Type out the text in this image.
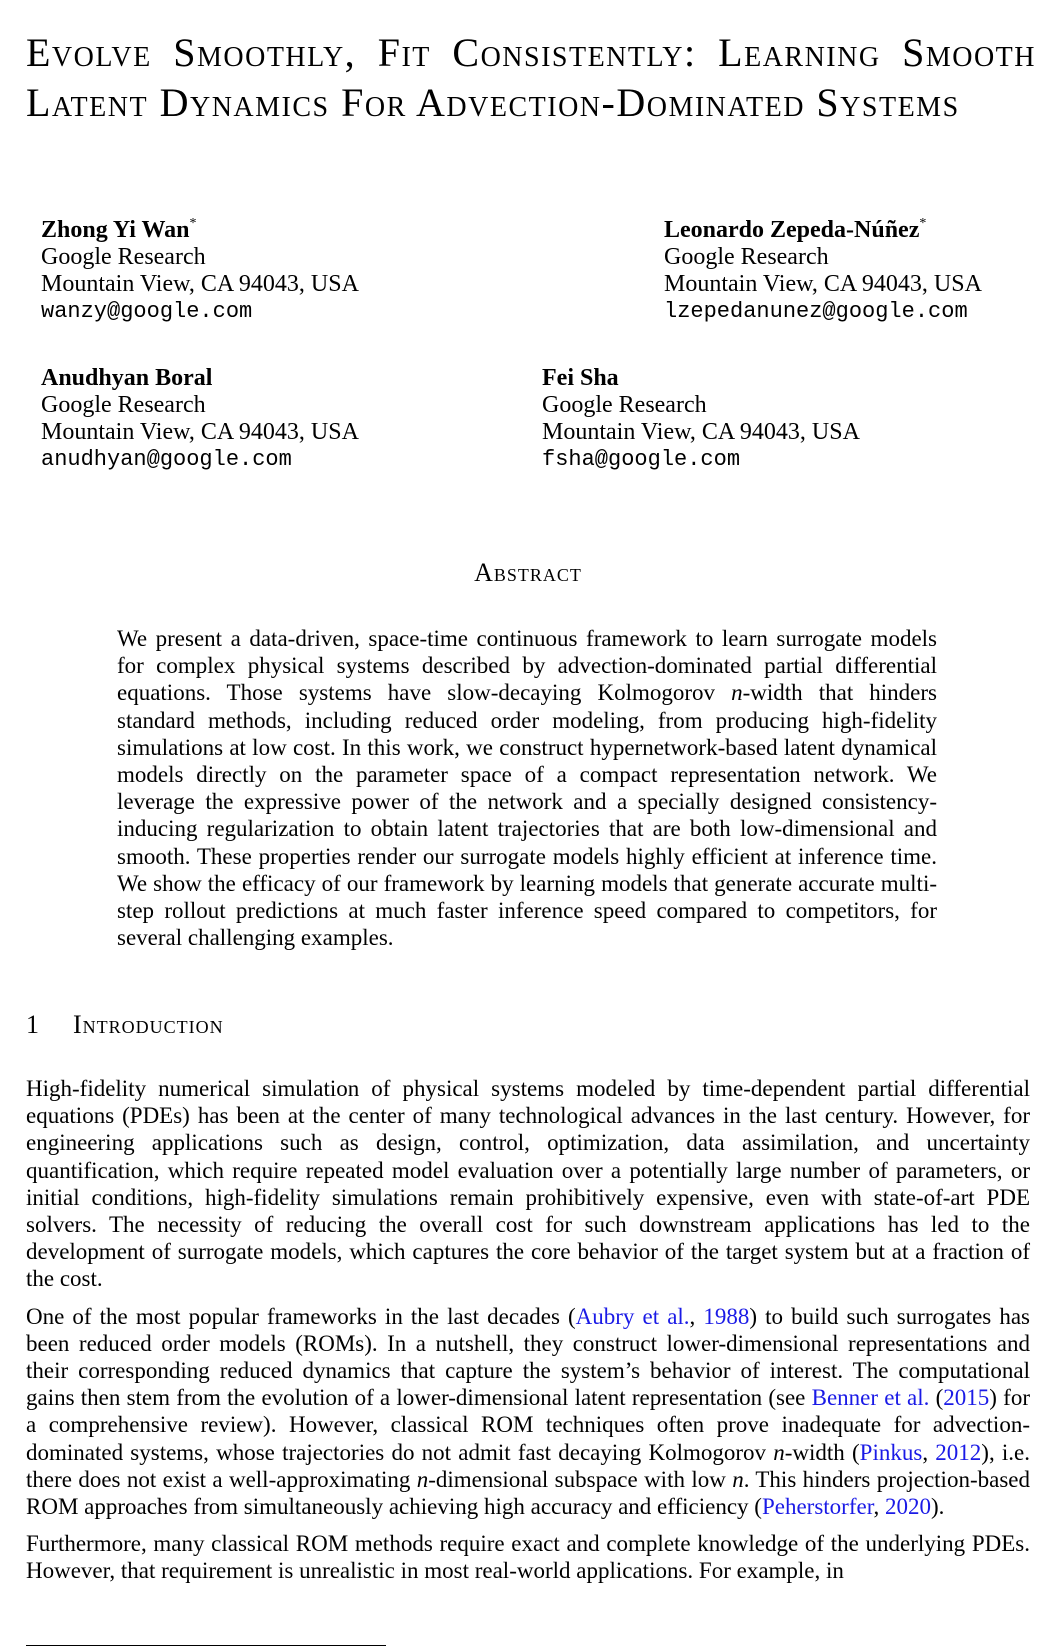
Evolve Smoothly, Fit Consistently: Learning Smooth Latent Dynamics For Advection-Dominated Systems
Zhong Yi Wan*
Google Research
Mountain View, CA 94043, USA
wanzy@google.com
Leonardo Zepeda-Núñez*
Google Research
Mountain View, CA 94043, USA
lzepedanunez@google.com
Anudhyan Boral
Google Research
Mountain View, CA 94043, USA
anudhyan@google.com
Fei Sha
Google Research
Mountain View, CA 94043, USA
fsha@google.com
Abstract

We present a data-driven, space-time continuous framework to learn surrogate models for complex physical systems described by advection-dominated partial differential equations. Those systems have slow-decaying Kolmogorov n-width that hinders standard methods, including reduced order modeling, from producing high-fidelity simulations at low cost. In this work, we construct hypernetwork-based latent dynamical models directly on the parameter space of a compact representation network. We leverage the expressive power of the network and a specially designed consistency-inducing regularization to obtain latent trajectories that are both low-dimensional and smooth. These properties render our surrogate models highly efficient at inference time. We show the efficacy of our framework by learning models that generate accurate multi-step rollout predictions at much faster inference speed compared to competitors, for several challenging examples.

1 Introduction

High-fidelity numerical simulation of physical systems modeled by time-dependent partial differential equations (PDEs) has been at the center of many technological advances in the last century. However, for engineering applications such as design, control, optimization, data assimilation, and uncertainty quantification, which require repeated model evaluation over a potentially large number of parameters, or initial conditions, high-fidelity simulations remain prohibitively expensive, even with state-of-art PDE solvers. The necessity of reducing the overall cost for such downstream applications has led to the development of surrogate models, which captures the core behavior of the target system but at a fraction of the cost.

One of the most popular frameworks in the last decades (Aubry et al., 1988) to build such surrogates has been reduced order models (ROMs). In a nutshell, they construct lower-dimensional representations and their corresponding reduced dynamics that capture the system’s behavior of interest. The computational gains then stem from the evolution of a lower-dimensional latent representation (see Benner et al. (2015) for a comprehensive review). However, classical ROM techniques often prove inadequate for advection-dominated systems, whose trajectories do not admit fast decaying Kolmogorov n-width (Pinkus, 2012), i.e. there does not exist a well-approximating n-dimensional subspace with low n. This hinders projection-based ROM approaches from simultaneously achieving high accuracy and efficiency (Peherstorfer, 2020).

Furthermore, many classical ROM methods require exact and complete knowledge of the underlying PDEs. However, that requirement is unrealistic in most real-world applications. For example, in
